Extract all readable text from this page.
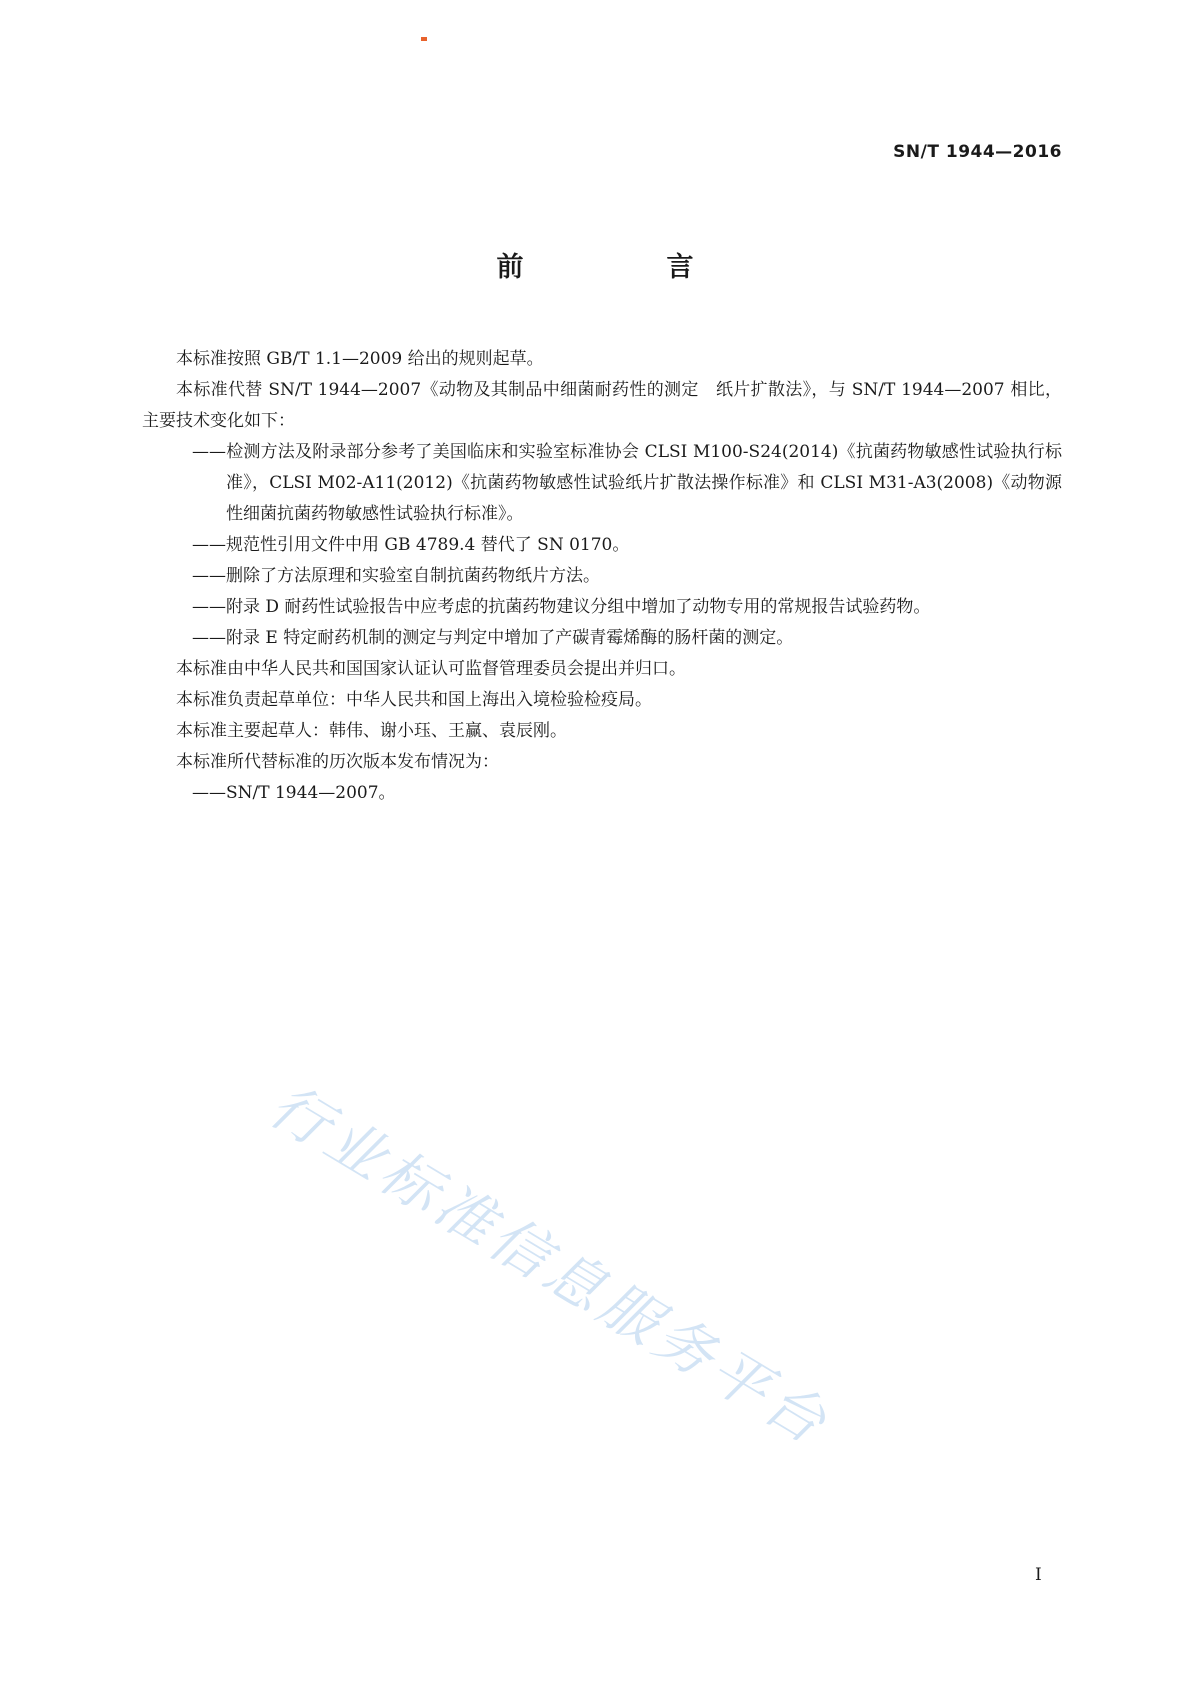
SN/T 1944—2016
前　言

本标准按照 GB/T 1.1—2009 给出的规则起草。

本标准代替 SN/T 1944—2007《动物及其制品中细菌耐药性的测定　纸片扩散法》，与 SN/T 1944—2007 相比，主要技术变化如下：

——检测方法及附录部分参考了美国临床和实验室标准协会 CLSI M100-S24(2014)《抗菌药物敏感性试验执行标准》，CLSI M02-A11(2012)《抗菌药物敏感性试验纸片扩散法操作标准》和 CLSI M31-A3(2008)《动物源性细菌抗菌药物敏感性试验执行标准》。

——规范性引用文件中用 GB 4789.4 替代了 SN 0170。

——删除了方法原理和实验室自制抗菌药物纸片方法。

——附录 D 耐药性试验报告中应考虑的抗菌药物建议分组中增加了动物专用的常规报告试验药物。

——附录 E 特定耐药机制的测定与判定中增加了产碳青霉烯酶的肠杆菌的测定。

本标准由中华人民共和国国家认证认可监督管理委员会提出并归口。

本标准负责起草单位：中华人民共和国上海出入境检验检疫局。

本标准主要起草人：韩伟、谢小珏、王赢、袁辰刚。

本标准所代替标准的历次版本发布情况为：

——SN/T 1944—2007。

行业标准信息服务平台
I
